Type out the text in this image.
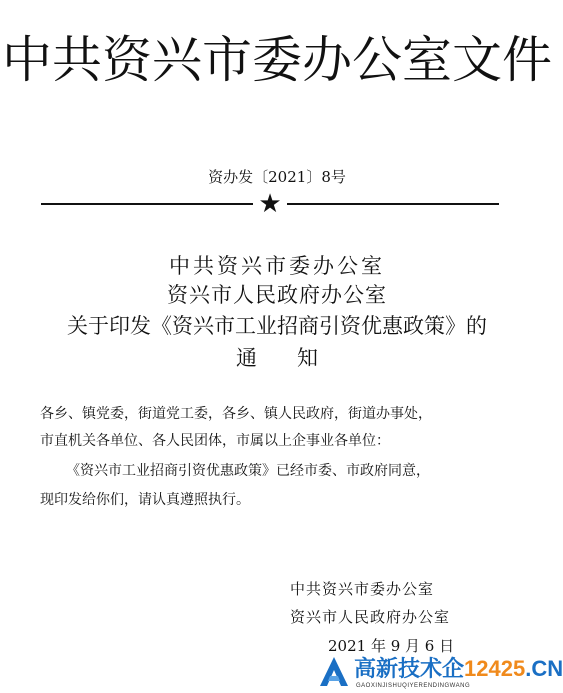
中共资兴市委办公室文件
资办发〔2021〕8号
★
中共资兴市委办公室
资兴市人民政府办公室
关于印发《资兴市工业招商引资优惠政策》的
通 知
各乡、镇党委，街道党工委，各乡、镇人民政府，街道办事处，
市直机关各单位、各人民团体，市属以上企事业各单位：
《资兴市工业招商引资优惠政策》已经市委、市政府同意，
现印发给你们，请认真遵照执行。
中共资兴市委办公室
资兴市人民政府办公室
2021 年 9 月 6 日
高新技术企12425.CN
GAOXINJISHUQIYERENDINGWANG
